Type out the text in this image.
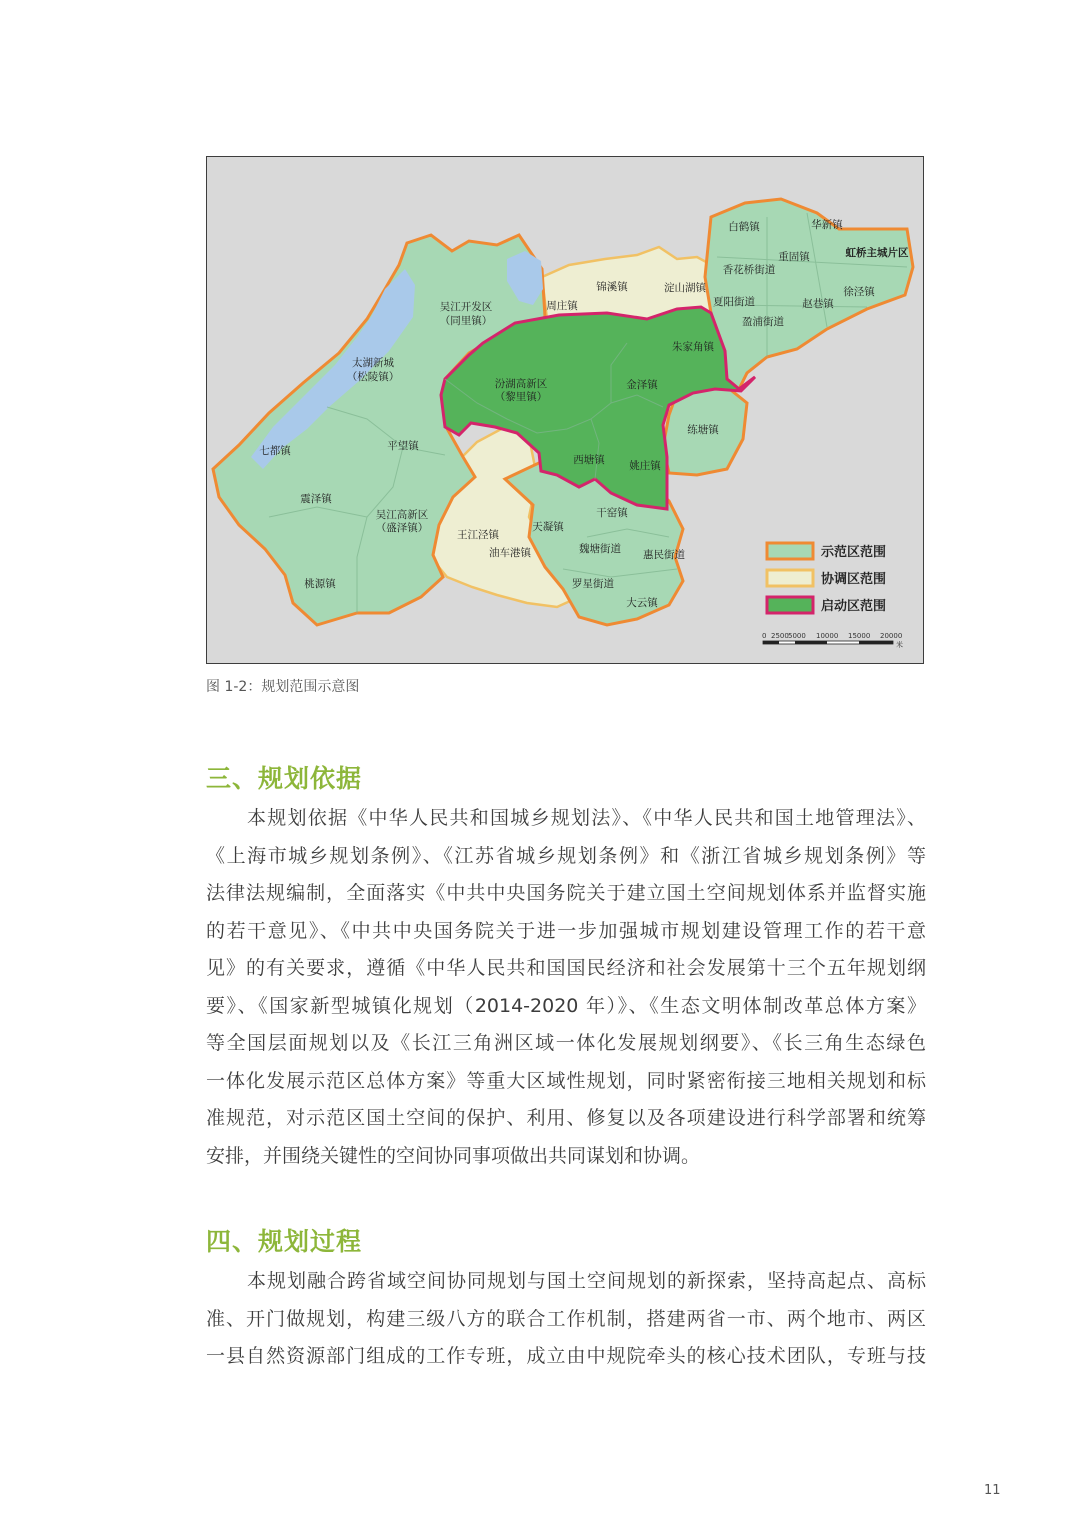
白鹤镇	华新镇
虹桥主城片区
重固镇
香花桥街道
夏阳街道	赵巷镇
徐泾镇
盈浦街道
锦溪镇	淀山湖镇
周庄镇
吴江开发区
（同里镇）
太湖新城
（松陵镇）
朱家角镇
汾湖高新区
（黎里镇）
金泽镇
练塘镇
七都镇	平望镇
西塘镇 姚庄镇
震泽镇
吴江高新区
（盛泽镇）
干窑镇
王江泾镇
天凝镇
油车港镇	魏塘街道 惠民街道
桃源镇	罗星街道
大云镇
示范区范围
协调区范围
启动区范围
0 2500 5000 10000 15000 20000
米
图 1-2：规划范围示意图
三、规划依据
本规划依据《中华人民共和国城乡规划法》、《中华人民共和国土地管理法》、
《上海市城乡规划条例》、《江苏省城乡规划条例》和《浙江省城乡规划条例》等
法律法规编制，全面落实《中共中央国务院关于建立国土空间规划体系并监督实施
的若干意见》、《中共中央国务院关于进一步加强城市规划建设管理工作的若干意
见》的有关要求，遵循《中华人民共和国国民经济和社会发展第十三个五年规划纲
要》、《国家新型城镇化规划（2014-2020 年）》、《生态文明体制改革总体方案》
等全国层面规划以及《长江三角洲区域一体化发展规划纲要》、《长三角生态绿色
一体化发展示范区总体方案》等重大区域性规划，同时紧密衔接三地相关规划和标
准规范，对示范区国土空间的保护、利用、修复以及各项建设进行科学部署和统筹
安排，并围绕关键性的空间协同事项做出共同谋划和协调。
四、规划过程
本规划融合跨省域空间协同规划与国土空间规划的新探索，坚持高起点、高标
准、开门做规划，构建三级八方的联合工作机制，搭建两省一市、两个地市、两区
一县自然资源部门组成的工作专班，成立由中规院牵头的核心技术团队，专班与技
11
